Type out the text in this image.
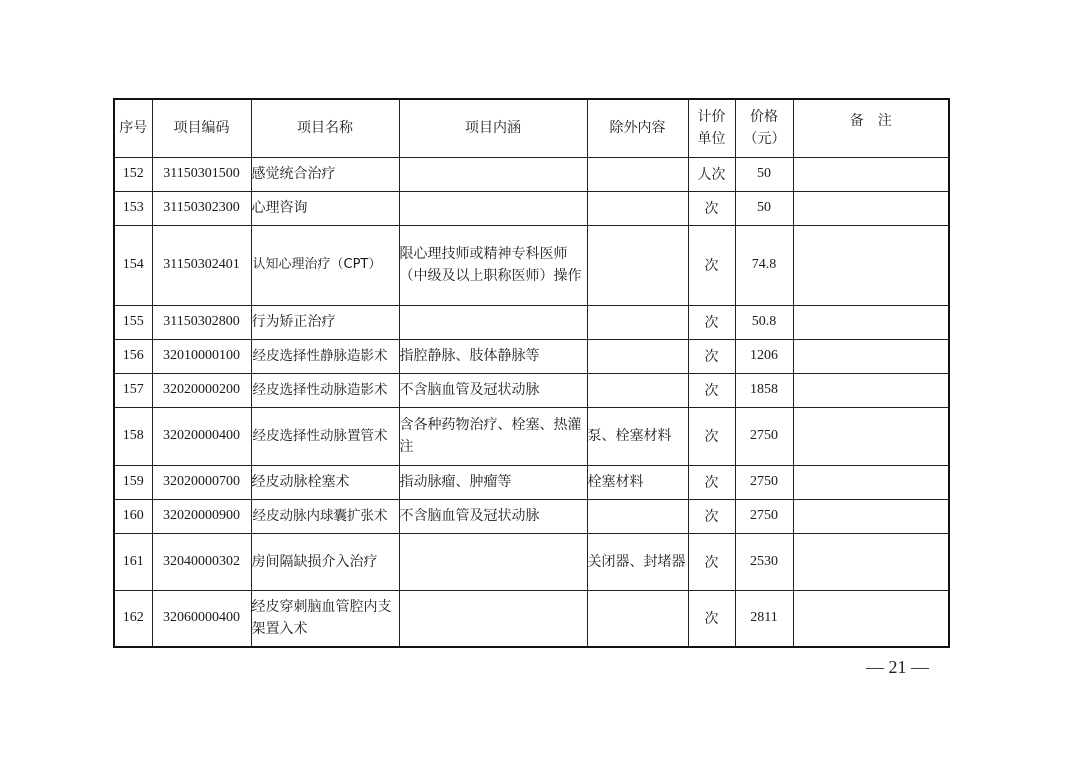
序号	项目编码	项目名称	项目内涵	除外内容	计价单位	价格（元）	备　注
152	31150301500	感觉统合治疗			人次	50	
153	31150302300	心理咨询			次	50	
154	31150302401	认知心理治疗（CPT）	限心理技师或精神专科医师（中级及以上职称医师）操作		次	74.8	
155	31150302800	行为矫正治疗			次	50.8	
156	32010000100	经皮选择性静脉造影术	指腔静脉、肢体静脉等		次	1206	
157	32020000200	经皮选择性动脉造影术	不含脑血管及冠状动脉		次	1858	
158	32020000400	经皮选择性动脉置管术	含各种药物治疗、栓塞、热灌注	泵、栓塞材料	次	2750	
159	32020000700	经皮动脉栓塞术	指动脉瘤、肿瘤等	栓塞材料	次	2750	
160	32020000900	经皮动脉内球囊扩张术	不含脑血管及冠状动脉		次	2750	
161	32040000302	房间隔缺损介入治疗		关闭器、封堵器	次	2530	
162	32060000400	经皮穿刺脑血管腔内支架置入术			次	2811	
— 21 —
